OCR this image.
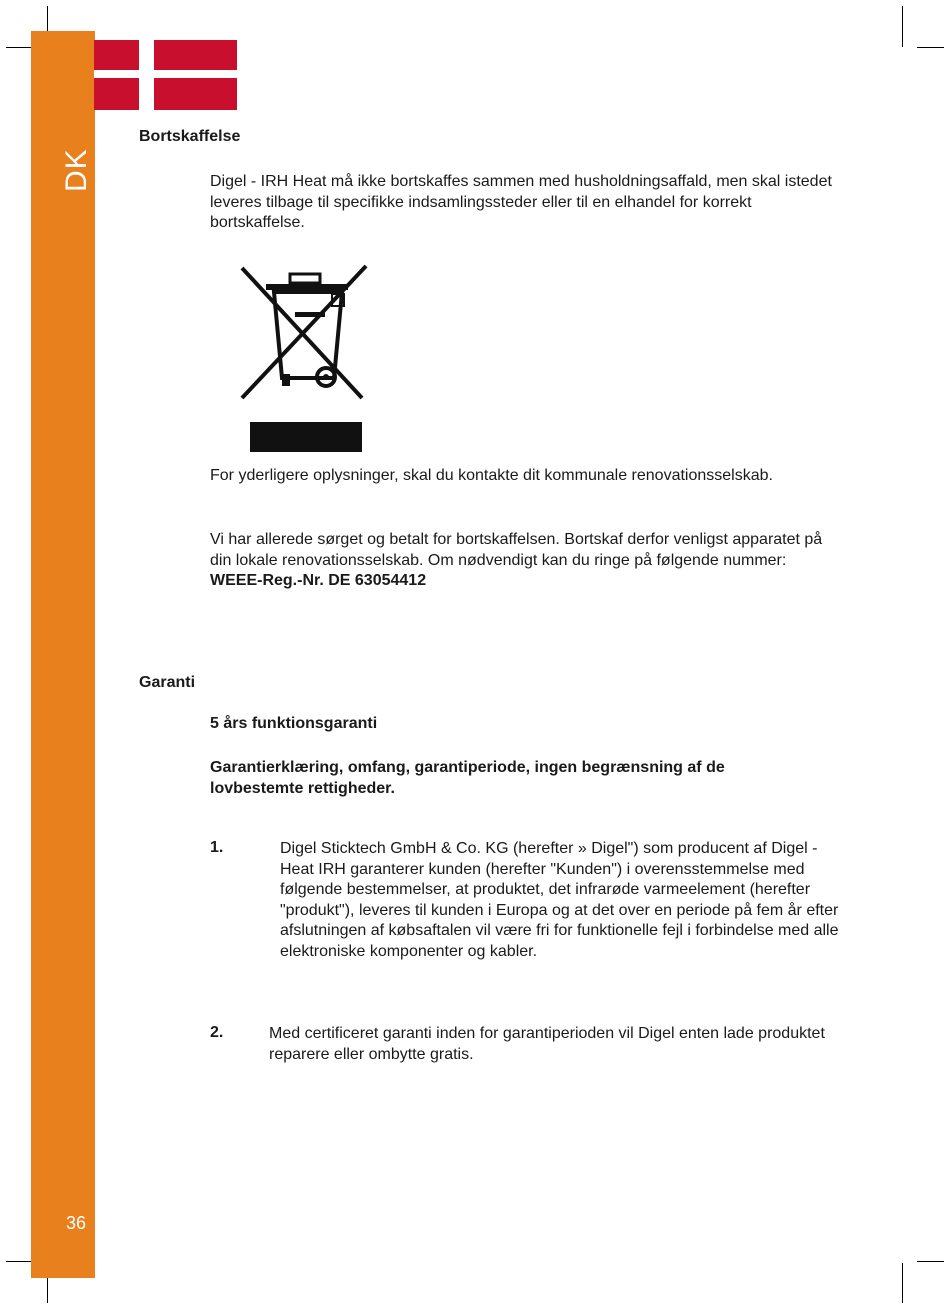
DK
36
Bortskaffelse
Digel - IRH Heat må ikke bortskaffes sammen med husholdningsaffald, men skal istedet leveres tilbage til specifikke indsamlingssteder eller til en elhandel for korrekt bortskaffelse.
For yderligere oplysninger, skal du kontakte dit kommunale renovationsselskab.
Vi har allerede sørget og betalt for bortskaffelsen. Bortskaf derfor venligst apparatet på din lokale renovationsselskab. Om nødvendigt kan du ringe på følgende nummer: WEEE-Reg.-Nr. DE 63054412
Garanti
5 års funktionsgaranti
Garantierklæring, omfang, garantiperiode, ingen begrænsning af de lovbestemte rettigheder.
1.	Digel Sticktech GmbH & Co. KG (herefter » Digel") som producent af Digel - Heat IRH garanterer kunden (herefter "Kunden") i overensstemmelse med følgende bestemmelser, at produktet, det infrarøde varmeelement (herefter "produkt"), leveres til kunden i Europa og at det over en periode på fem år efter afslutningen af købsaftalen vil være fri for funktionelle fejl i forbindelse med alle elektroniske komponenter og kabler.
2.	Med certificeret garanti inden for garantiperioden vil Digel enten lade produktet reparere eller ombytte gratis.
